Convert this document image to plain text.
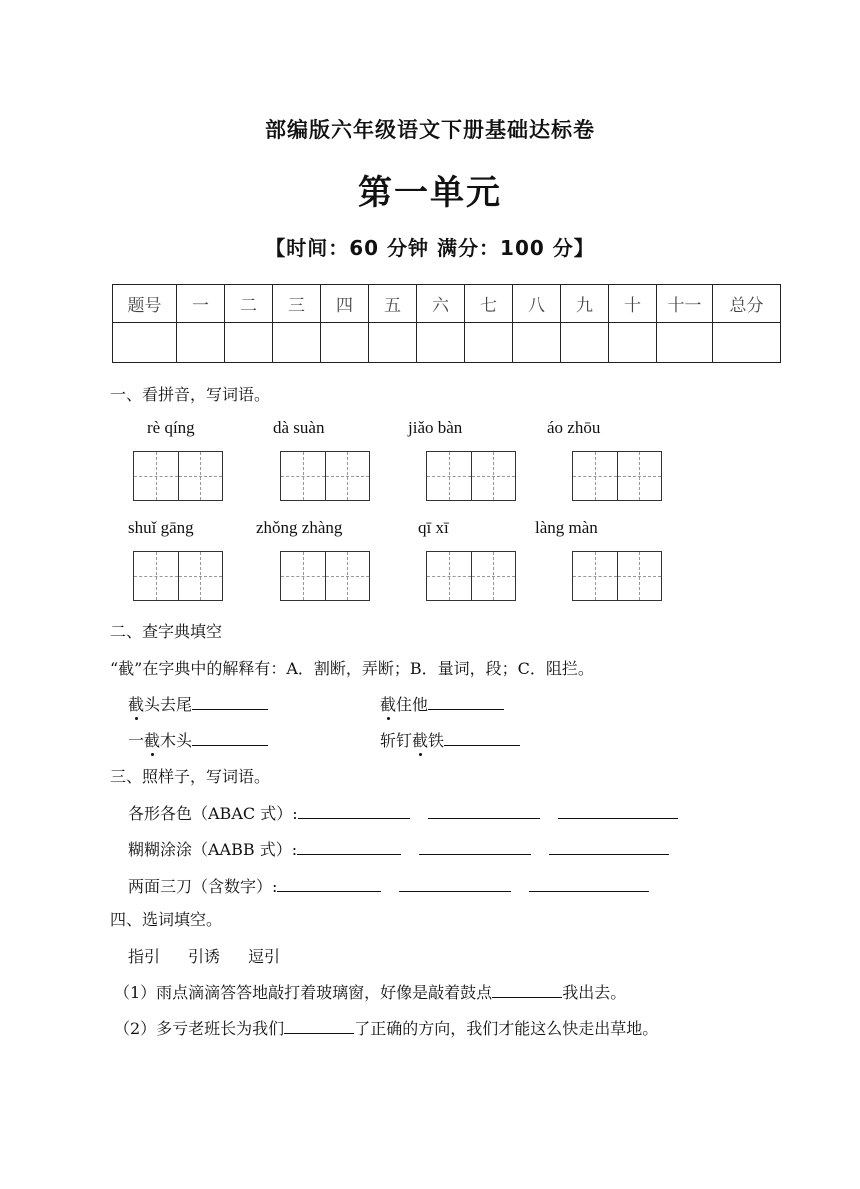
部编版六年级语文下册基础达标卷
第一单元
【时间：60 分钟 满分：100 分】
题号	一	二	三	四	五	六	七	八	九	十	十一	总分

一、看拼音，写词语。
rè qíng	dà suàn	jiǎo bàn	áo zhōu
shuǐ gāng	zhǒng zhàng	qī xī	làng màn
二、查字典填空
“截”在字典中的解释有：A．割断，弄断；B．量词，段；C．阻拦。
截头去尾	截住他
一截木头	斩钉截铁
三、照样子，写词语。
各形各色（ABAC 式）:
糊糊涂涂（AABB 式）:
两面三刀（含数字）:
四、选词填空。
指引 引诱 逗引
（1）雨点滴滴答答地敲打着玻璃窗，好像是敲着鼓点	我出去。
（2）多亏老班长为我们	了正确的方向，我们才能这么快走出草地。
